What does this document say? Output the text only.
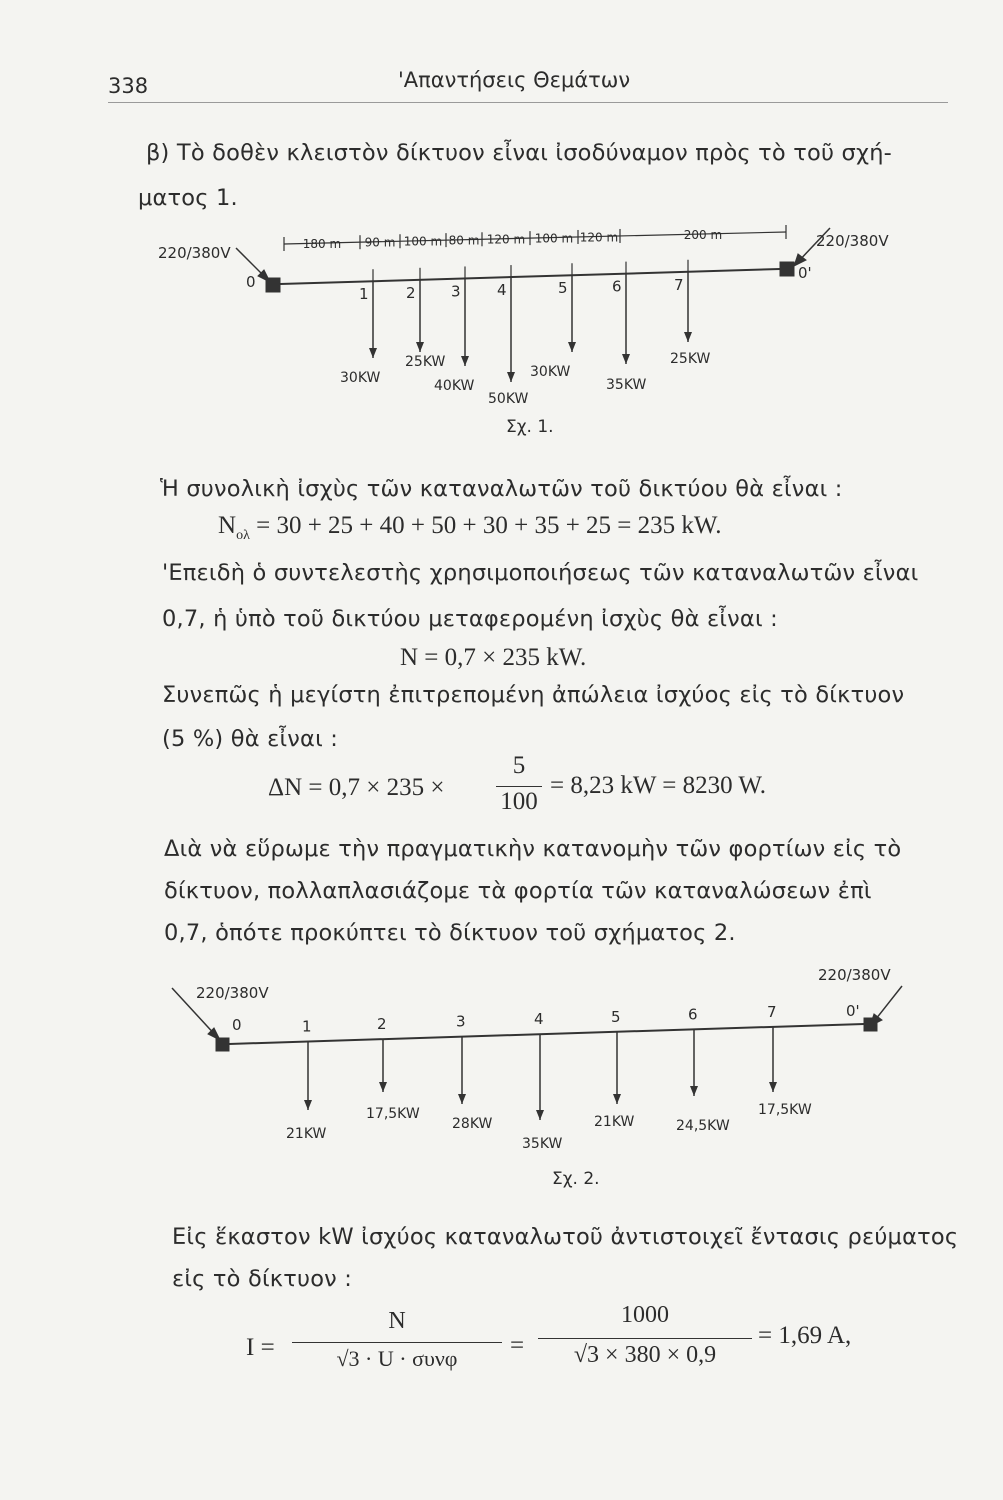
338	'Απαντήσεις Θεμάτων
β) Τὸ δοθὲν κλειστὸν δίκτυον εἶναι ἰσοδύναμον πρὸς τὸ τοῦ σχή-
ματος 1.
1
30KW
2
25KW
3
40KW
4
50KW
5
30KW
6
35KW
7
25KW
180 m 90 m 100 m 80 m 120 m 100 m 120 m	200 m
220/380V
220/380V
0	0'
Σχ. 1.
Ἡ συνολικὴ ἰσχὺς τῶν καταναλωτῶν τοῦ δικτύου θὰ εἶναι :
$N_{o\lambda} = 30 + 25 + 40 + 50 + 30 + 35 + 25 = 235$ kW.
'Επειδὴ ὁ συντελεστὴς χρησιμοποιήσεως τῶν καταναλωτῶν εἶναι
0,7, ἡ ὑπὸ τοῦ δικτύου μεταφερομένη ἰσχὺς θὰ εἶναι :
N = 0,7 × 235 kW.
Συνεπῶς ἡ μεγίστη ἐπιτρεπομένη ἀπώλεια ἰσχύος εἰς τὸ δίκτυον
(5 %) θὰ εἶναι :
ΔN = 0,7 × 235 ×
5
100
= 8,23 kW = 8230 W.
Διὰ νὰ εὕρωμε τὴν πραγματικὴν κατανομὴν τῶν φορτίων εἰς τὸ
δίκτυον, πολλαπλασιάζομε τὰ φορτία τῶν καταναλώσεων ἐπὶ
0,7, ὁπότε προκύπτει τὸ δίκτυον τοῦ σχήματος 2.
1
21KW
2
17,5KW
3
28KW
4
35KW
5
21KW
6
24,5KW
7
17,5KW
220/380V
220/380V
0
0'
Σχ. 2.
Εἰς ἕκαστον kW ἰσχύος καταναλωτοῦ ἀντιστοιχεῖ ἔντασις ρεύματος
εἰς τὸ δίκτυον :
I =
N
√3 · U · συνφ	=
1000
√3 × 380 × 0,9
= 1,69 A,
